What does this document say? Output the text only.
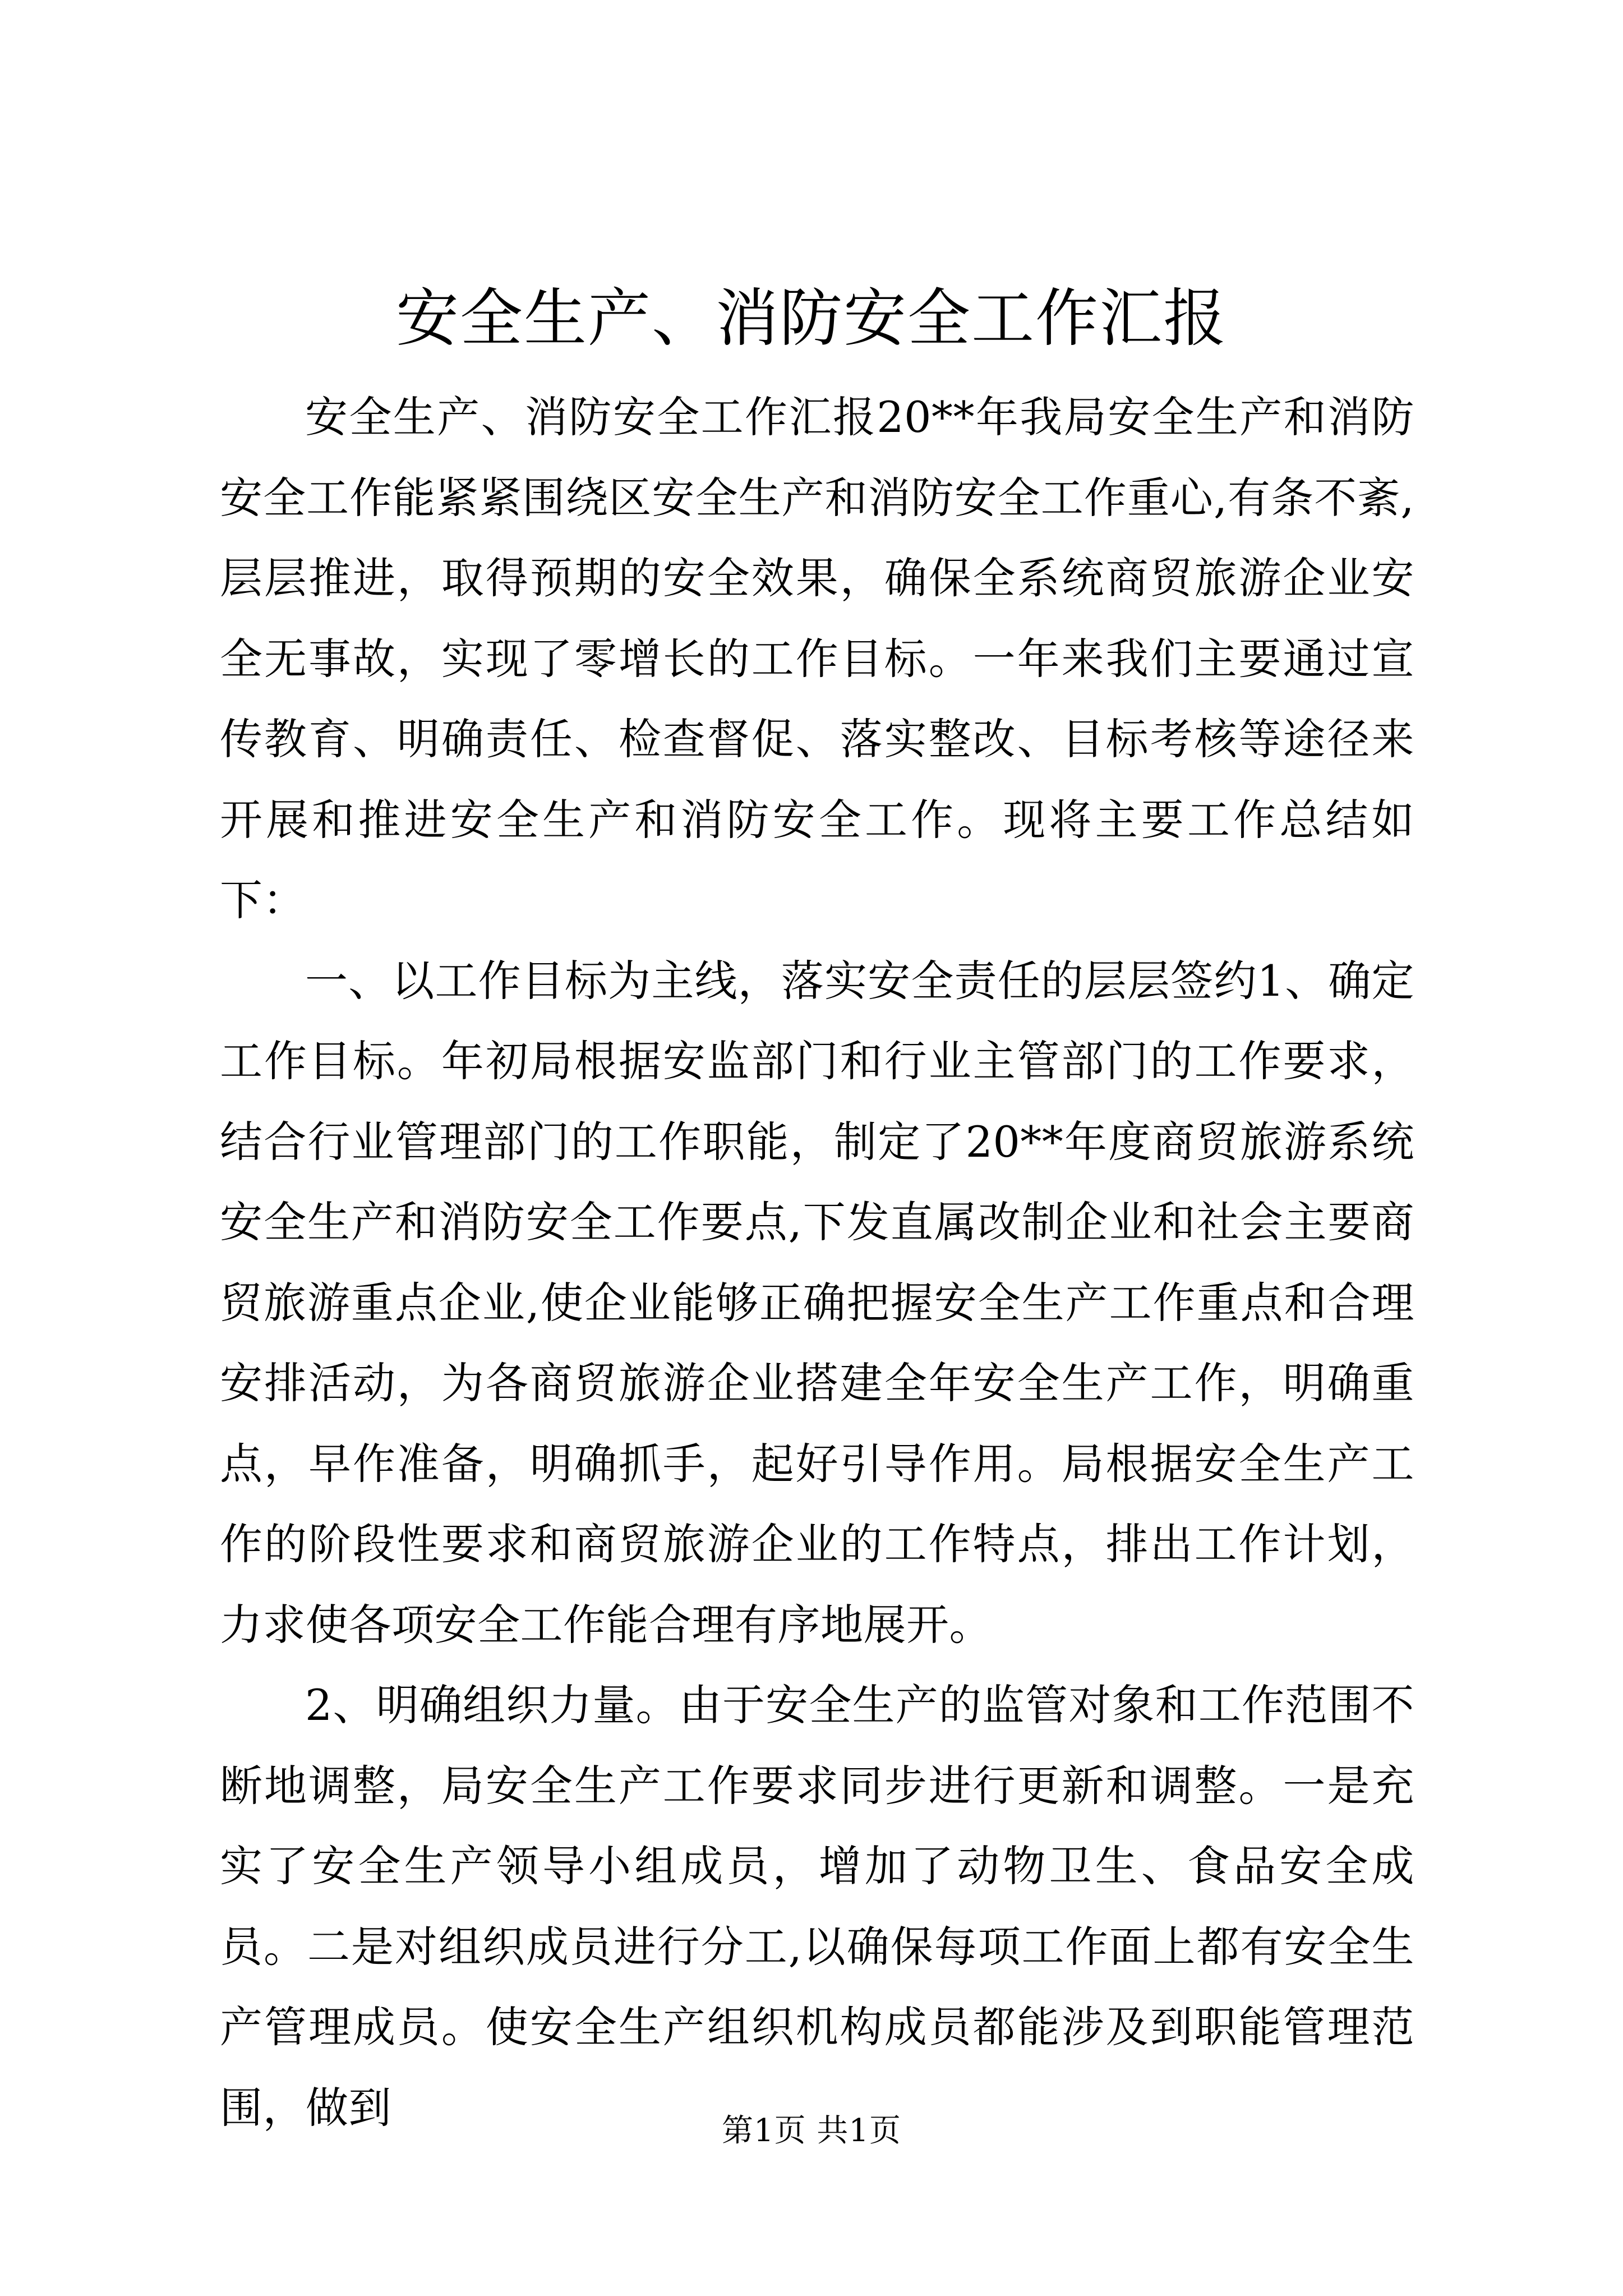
安全生产、消防安全工作汇报

安全生产、消防安全工作汇报20**年我局安全生产和消防安全工作能紧紧围绕区安全生产和消防安全工作重心,有条不紊,层层推进，取得预期的安全效果，确保全系统商贸旅游企业安全无事故，实现了零增长的工作目标。一年来我们主要通过宣传教育、明确责任、检查督促、落实整改、目标考核等途径来开展和推进安全生产和消防安全工作。现将主要工作总结如下：

一、以工作目标为主线，落实安全责任的层层签约1、确定工作目标。年初局根据安监部门和行业主管部门的工作要求，结合行业管理部门的工作职能，制定了20**年度商贸旅游系统安全生产和消防安全工作要点,下发直属改制企业和社会主要商贸旅游重点企业,使企业能够正确把握安全生产工作重点和合理安排活动，为各商贸旅游企业搭建全年安全生产工作，明确重点，早作准备，明确抓手，起好引导作用。局根据安全生产工作的阶段性要求和商贸旅游企业的工作特点，排出工作计划，力求使各项安全工作能合理有序地展开。

2、明确组织力量。由于安全生产的监管对象和工作范围不断地调整，局安全生产工作要求同步进行更新和调整。一是充实了安全生产领导小组成员，增加了动物卫生、食品安全成员。二是对组织成员进行分工,以确保每项工作面上都有安全生产管理成员。使安全生产组织机构成员都能涉及到职能管理范围，做到	第1页 共1页
